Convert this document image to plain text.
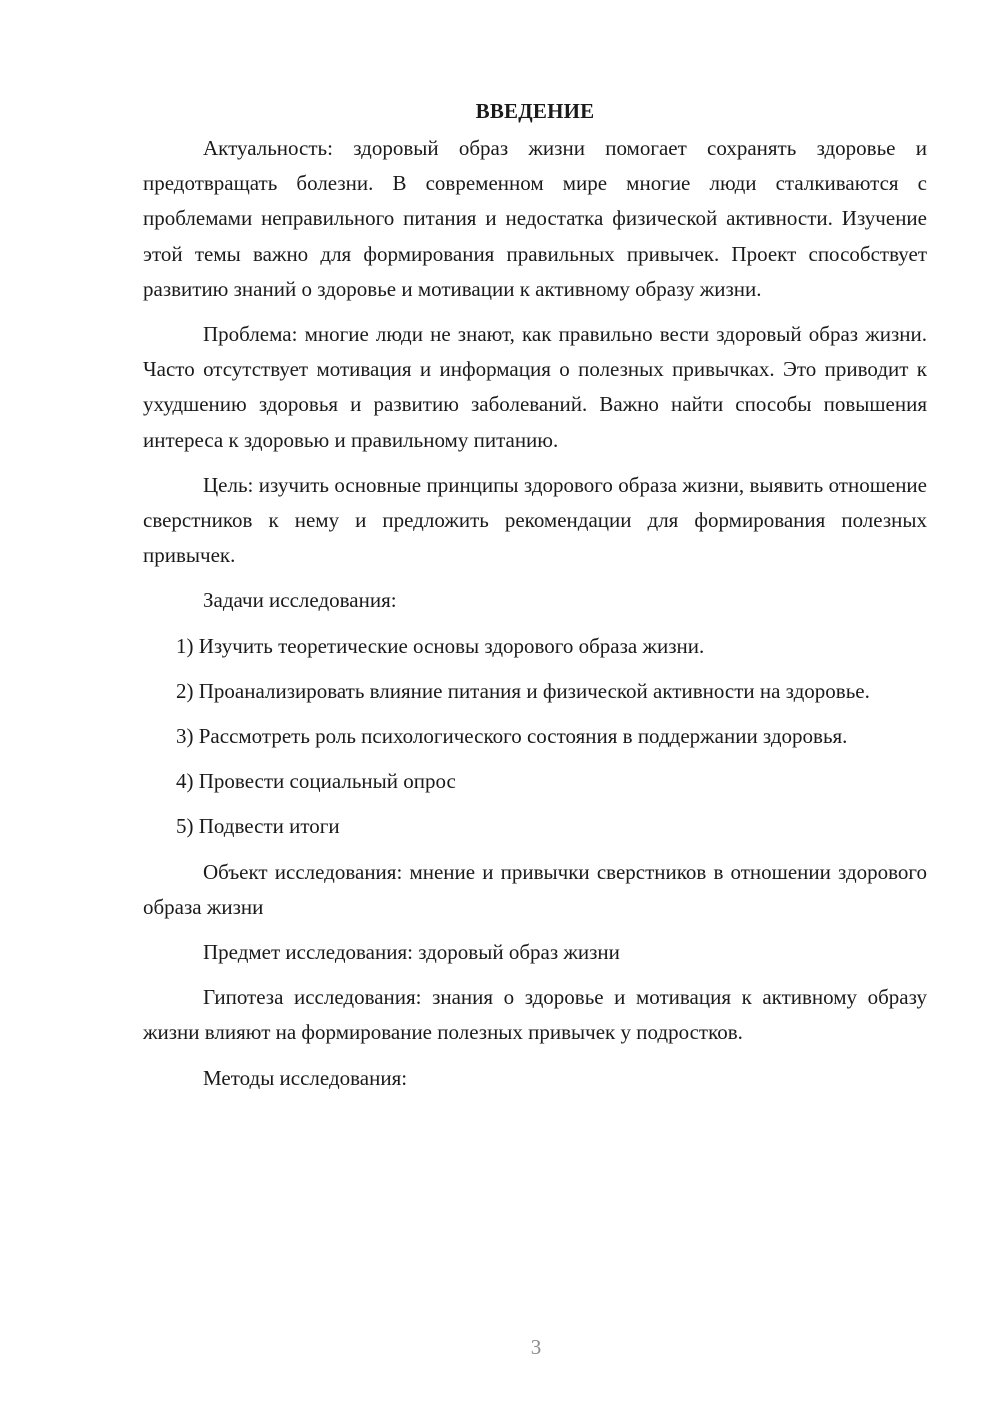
ВВЕДЕНИЕ

Актуальность: здоровый образ жизни помогает сохранять здоровье и предотвращать болезни. В современном мире многие люди сталкиваются с проблемами неправильного питания и недостатка физической активности. Изучение этой темы важно для формирования правильных привычек. Проект способствует развитию знаний о здоровье и мотивации к активному образу жизни.

Проблема: многие люди не знают, как правильно вести здоровый образ жизни. Часто отсутствует мотивация и информация о полезных привычках. Это приводит к ухудшению здоровья и развитию заболеваний. Важно найти способы повышения интереса к здоровью и правильному питанию.

Цель: изучить основные принципы здорового образа жизни, выявить отношение сверстников к нему и предложить рекомендации для формирования полезных привычек.

Задачи исследования:

1) Изучить теоретические основы здорового образа жизни.

2) Проанализировать влияние питания и физической активности на здоровье.

3) Рассмотреть роль психологического состояния в поддержании здоровья.

4) Провести социальный опрос

5) Подвести итоги

Объект исследования: мнение и привычки сверстников в отношении здорового образа жизни

Предмет исследования: здоровый образ жизни

Гипотеза исследования: знания о здоровье и мотивация к активному образу жизни влияют на формирование полезных привычек у подростков.

Методы исследования:

3
